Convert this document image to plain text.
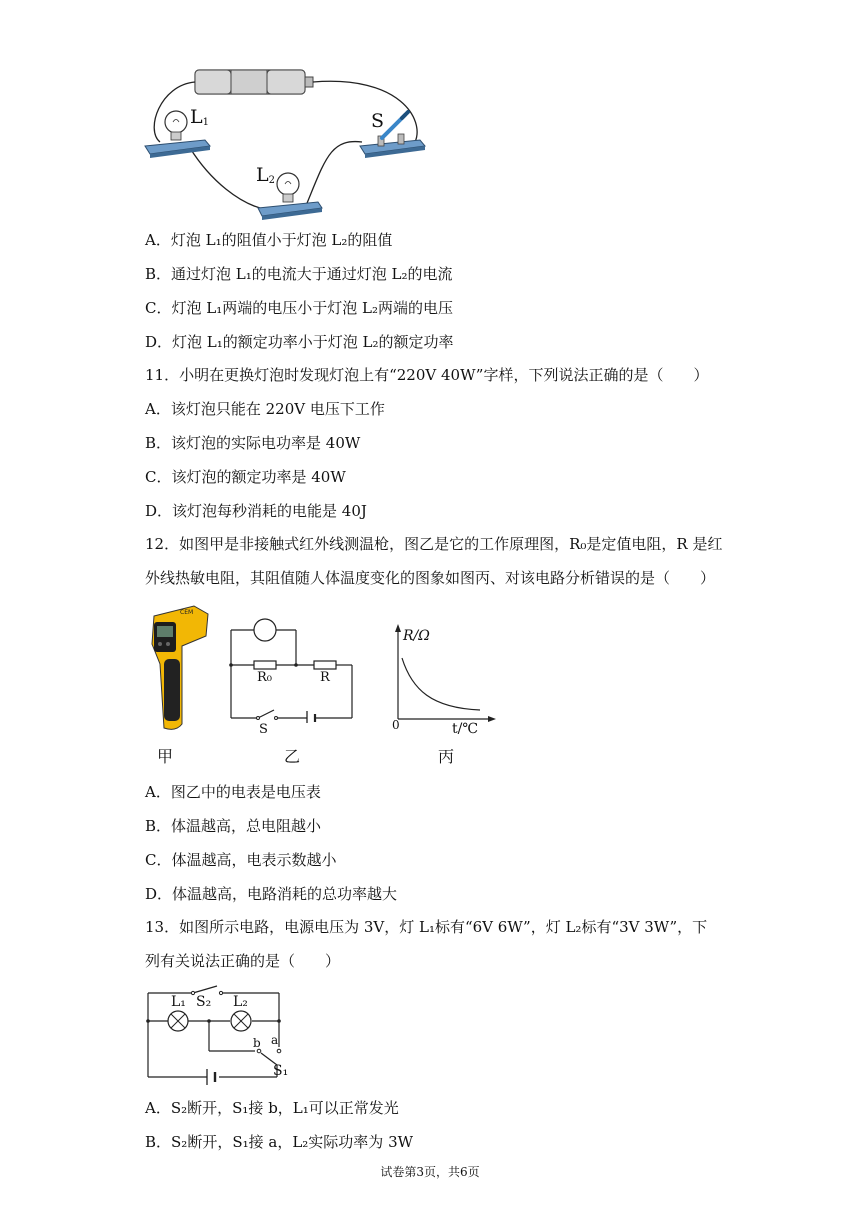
$L_1$
$L_2$
S
A．灯泡 L₁的阻值小于灯泡 L₂的阻值
B．通过灯泡 L₁的电流大于通过灯泡 L₂的电流
C．灯泡 L₁两端的电压小于灯泡 L₂两端的电压
D．灯泡 L₁的额定功率小于灯泡 L₂的额定功率
11．小明在更换灯泡时发现灯泡上有“220V 40W”字样，下列说法正确的是（　　）
A．该灯泡只能在 220V 电压下工作
B．该灯泡的实际电功率是 40W
C．该灯泡的额定功率是 40W
D．该灯泡每秒消耗的电能是 40J
12．如图甲是非接触式红外线测温枪，图乙是它的工作原理图，R₀是定值电阻，R 是红
外线热敏电阻，其阻值随人体温度变化的图象如图丙、对该电路分析错误的是（　　）
CEM
甲
R₀	R
S
乙
R/Ω
0	t/℃
丙
A．图乙中的电表是电压表
B．体温越高，总电阻越小
C．体温越高，电表示数越小
D．体温越高，电路消耗的总功率越大
13．如图所示电路，电源电压为 3V，灯 L₁标有“6V 6W”，灯 L₂标有“3V 3W”，下
列有关说法正确的是（　　）
L₁ S₂ L₂
b a
S₁
A．S₂断开，S₁接 b，L₁可以正常发光
B．S₂断开，S₁接 a，L₂实际功率为 3W
试卷第3页，共6页
